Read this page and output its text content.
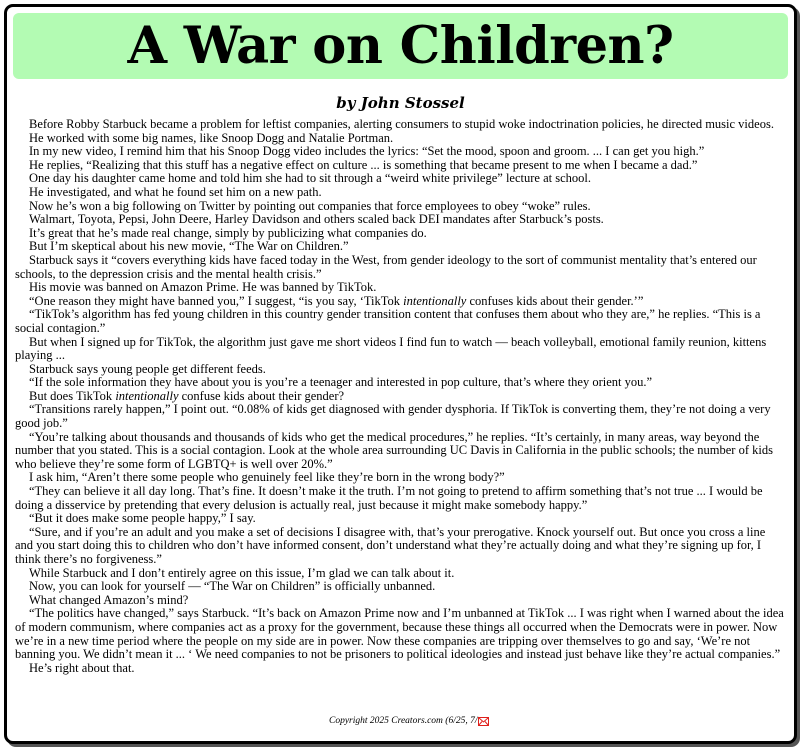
A War on Children?
by John Stossel

Before Robby Starbuck became a problem for leftist companies, alerting consumers to stupid woke indoctrination policies, he directed music videos.

He worked with some big names, like Snoop Dogg and Natalie Portman.

In my new video, I remind him that his Snoop Dogg video includes the lyrics: “Set the mood, spoon and groom. ... I can get you high.”

He replies, “Realizing that this stuff has a negative effect on culture ... is something that became present to me when I became a dad.”

One day his daughter came home and told him she had to sit through a “weird white privilege” lecture at school.

He investigated, and what he found set him on a new path.

Now he’s won a big following on Twitter by pointing out companies that force employees to obey “woke” rules.

Walmart, Toyota, Pepsi, John Deere, Harley Davidson and others scaled back DEI mandates after Starbuck’s posts.

It’s great that he’s made real change, simply by publicizing what companies do.

But I’m skeptical about his new movie, “The War on Children.”

Starbuck says it “covers everything kids have faced today in the West, from gender ideology to the sort of communist mentality that’s entered our schools, to the depression crisis and the mental health crisis.”

His movie was banned on Amazon Prime. He was banned by TikTok.

“One reason they might have banned you,” I suggest, “is you say, ‘TikTok intentionally confuses kids about their gender.’”

“TikTok’s algorithm has fed young children in this country gender transition content that confuses them about who they are,” he replies. “This is a social contagion.”

But when I signed up for TikTok, the algorithm just gave me short videos I find fun to watch — beach volleyball, emotional family reunion, kittens playing ...

Starbuck says young people get different feeds.

“If the sole information they have about you is you’re a teenager and interested in pop culture, that’s where they orient you.”

But does TikTok intentionally confuse kids about their gender?

“Transitions rarely happen,” I point out. “0.08% of kids get diagnosed with gender dysphoria. If TikTok is converting them, they’re not doing a very good job.”

“You’re talking about thousands and thousands of kids who get the medical procedures,” he replies. “It’s certainly, in many areas, way beyond the number that you stated. This is a social contagion. Look at the whole area surrounding UC Davis in California in the public schools; the number of kids who believe they’re some form of LGBTQ+ is well over 20%.”

I ask him, “Aren’t there some people who genuinely feel like they’re born in the wrong body?”

“They can believe it all day long. That’s fine. It doesn’t make it the truth. I’m not going to pretend to affirm something that’s not true ... I would be doing a disservice by pretending that every delusion is actually real, just because it might make somebody happy.”

“But it does make some people happy,” I say.

“Sure, and if you’re an adult and you make a set of decisions I disagree with, that’s your prerogative. Knock yourself out. But once you cross a line and you start doing this to children who don’t have informed consent, don’t understand what they’re actually doing and what they’re signing up for, I think there’s no forgiveness.”

While Starbuck and I don’t entirely agree on this issue, I’m glad we can talk about it.

Now, you can look for yourself — “The War on Children” is officially unbanned.

What changed Amazon’s mind?

“The politics have changed,” says Starbuck. “It’s back on Amazon Prime now and I’m unbanned at TikTok ... I was right when I warned about the idea of modern communism, where companies act as a proxy for the government, because these things all occurred when the Democrats were in power. Now we’re in a new time period where the people on my side are in power. Now these companies are tripping over themselves to go and say, ‘We’re not banning you. We didn’t mean it ... ‘ We need companies to not be prisoners to political ideologies and instead just behave like they’re actual companies.”

He’s right about that.

Copyright 2025 Creators.com (6/25, 7/
